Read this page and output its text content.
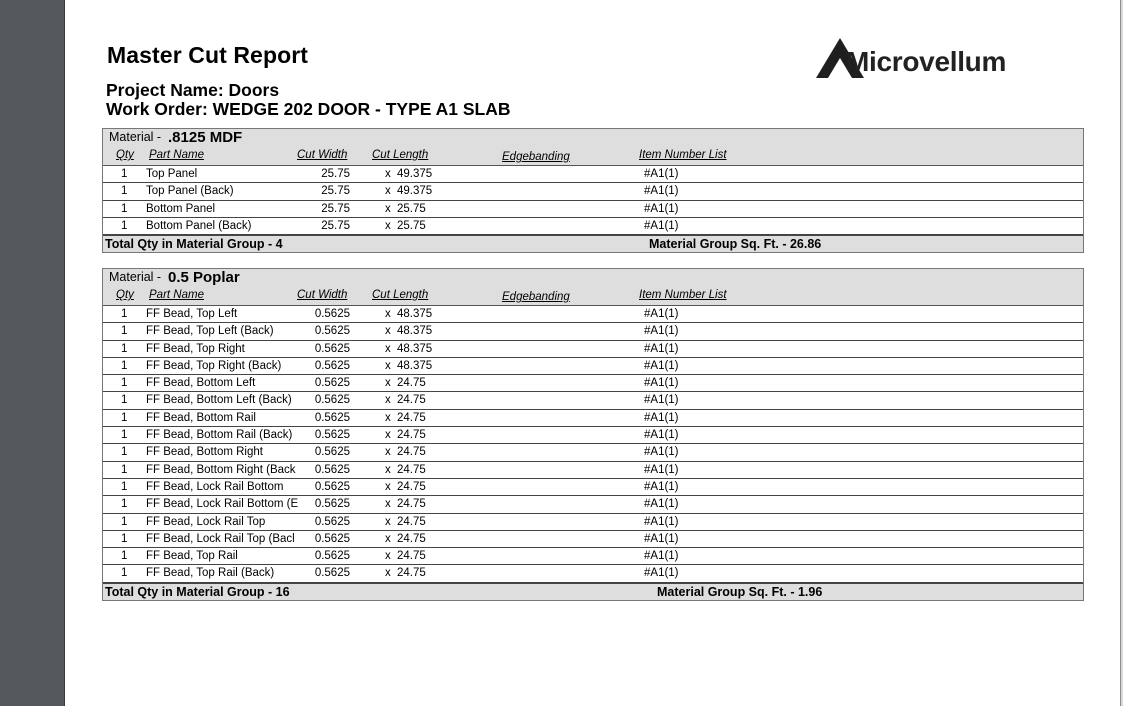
Master Cut Report
Project Name: Doors
Work Order: WEDGE 202 DOOR - TYPE A1 SLAB
Microvellum
Material - .8125 MDF
Qty Part Name	Cut Width Cut Length	Edgebanding	Item Number List
1 Top Panel	25.75	x 49.375	#A1(1)
1 Top Panel (Back)	25.75	x 49.375	#A1(1)
1 Bottom Panel	25.75	x 25.75	#A1(1)
1 Bottom Panel (Back)	25.75	x 25.75	#A1(1)
Total Qty in Material Group - 4	Material Group Sq. Ft. - 26.86
Material - 0.5 Poplar
Qty Part Name	Cut Width Cut Length	Edgebanding	Item Number List
1 FF Bead, Top Left	0.5625	x 48.375	#A1(1)
1 FF Bead, Top Left (Back)	0.5625	x 48.375	#A1(1)
1 FF Bead, Top Right	0.5625	x 48.375	#A1(1)
1 FF Bead, Top Right (Back)	0.5625	x 48.375	#A1(1)
1 FF Bead, Bottom Left	0.5625	x 24.75	#A1(1)
1 FF Bead, Bottom Left (Back)	0.5625	x 24.75	#A1(1)
1 FF Bead, Bottom Rail	0.5625	x 24.75	#A1(1)
1 FF Bead, Bottom Rail (Back)	0.5625	x 24.75	#A1(1)
1 FF Bead, Bottom Right	0.5625	x 24.75	#A1(1)
1 FF Bead, Bottom Right (Back	0.5625	x 24.75	#A1(1)
1 FF Bead, Lock Rail Bottom	0.5625	x 24.75	#A1(1)
1 FF Bead, Lock Rail Bottom (E	0.5625	x 24.75	#A1(1)
1 FF Bead, Lock Rail Top	0.5625	x 24.75	#A1(1)
1 FF Bead, Lock Rail Top (Bacl	0.5625	x 24.75	#A1(1)
1 FF Bead, Top Rail	0.5625	x 24.75	#A1(1)
1 FF Bead, Top Rail (Back)	0.5625	x 24.75	#A1(1)
Total Qty in Material Group - 16	Material Group Sq. Ft. - 1.96
